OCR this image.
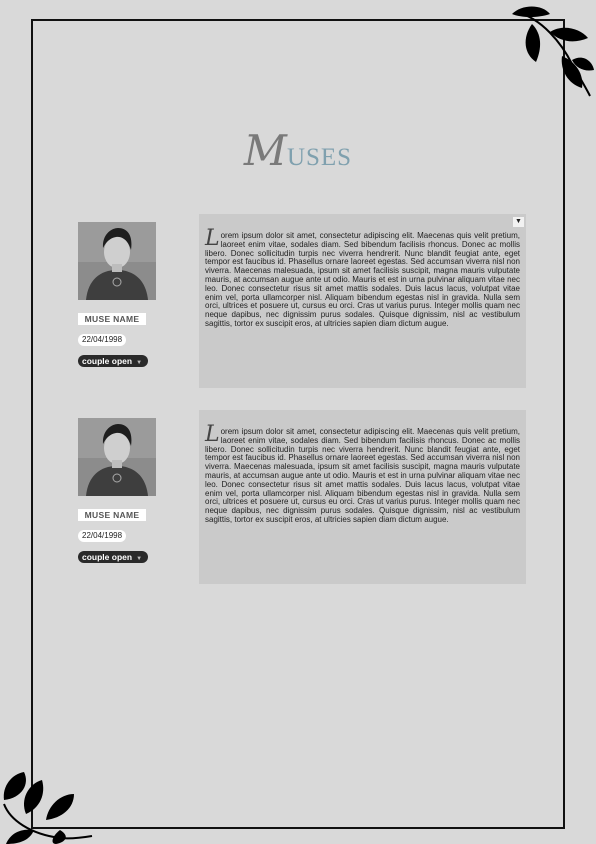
MUSES
MUSE NAME
22/04/1998
couple open ▼
▼
Lorem ipsum dolor sit amet, consectetur adipiscing elit. Maecenas quis velit pretium, laoreet enim vitae, sodales diam. Sed bibendum facilisis rhoncus. Donec ac mollis libero. Donec sollicitudin turpis nec viverra hendrerit. Nunc blandit feugiat ante, eget tempor est faucibus id. Phasellus ornare laoreet egestas. Sed accumsan viverra nisl non viverra. Maecenas malesuada, ipsum sit amet facilisis suscipit, magna mauris vulputate mauris, at accumsan augue ante ut odio. Mauris et est in urna pulvinar aliquam vitae nec leo. Donec consectetur risus sit amet mattis sodales. Duis lacus lacus, volutpat vitae enim vel, porta ullamcorper nisl. Aliquam bibendum egestas nisl in gravida. Nulla sem orci, ultrices et posuere ut, cursus eu orci. Cras ut varius purus. Integer mollis quam nec neque dapibus, nec dignissim purus sodales. Quisque dignissim, nisl ac vestibulum sagittis, tortor ex suscipit eros, at ultricies sapien diam dictum augue.
MUSE NAME
22/04/1998
couple open ▼
Lorem ipsum dolor sit amet, consectetur adipiscing elit. Maecenas quis velit pretium, laoreet enim vitae, sodales diam. Sed bibendum facilisis rhoncus. Donec ac mollis libero. Donec sollicitudin turpis nec viverra hendrerit. Nunc blandit feugiat ante, eget tempor est faucibus id. Phasellus ornare laoreet egestas. Sed accumsan viverra nisl non viverra. Maecenas malesuada, ipsum sit amet facilisis suscipit, magna mauris vulputate mauris, at accumsan augue ante ut odio. Mauris et est in urna pulvinar aliquam vitae nec leo. Donec consectetur risus sit amet mattis sodales. Duis lacus lacus, volutpat vitae enim vel, porta ullamcorper nisl. Aliquam bibendum egestas nisl in gravida. Nulla sem orci, ultrices et posuere ut, cursus eu orci. Cras ut varius purus. Integer mollis quam nec neque dapibus, nec dignissim purus sodales. Quisque dignissim, nisl ac vestibulum sagittis, tortor ex suscipit eros, at ultricies sapien diam dictum augue.
